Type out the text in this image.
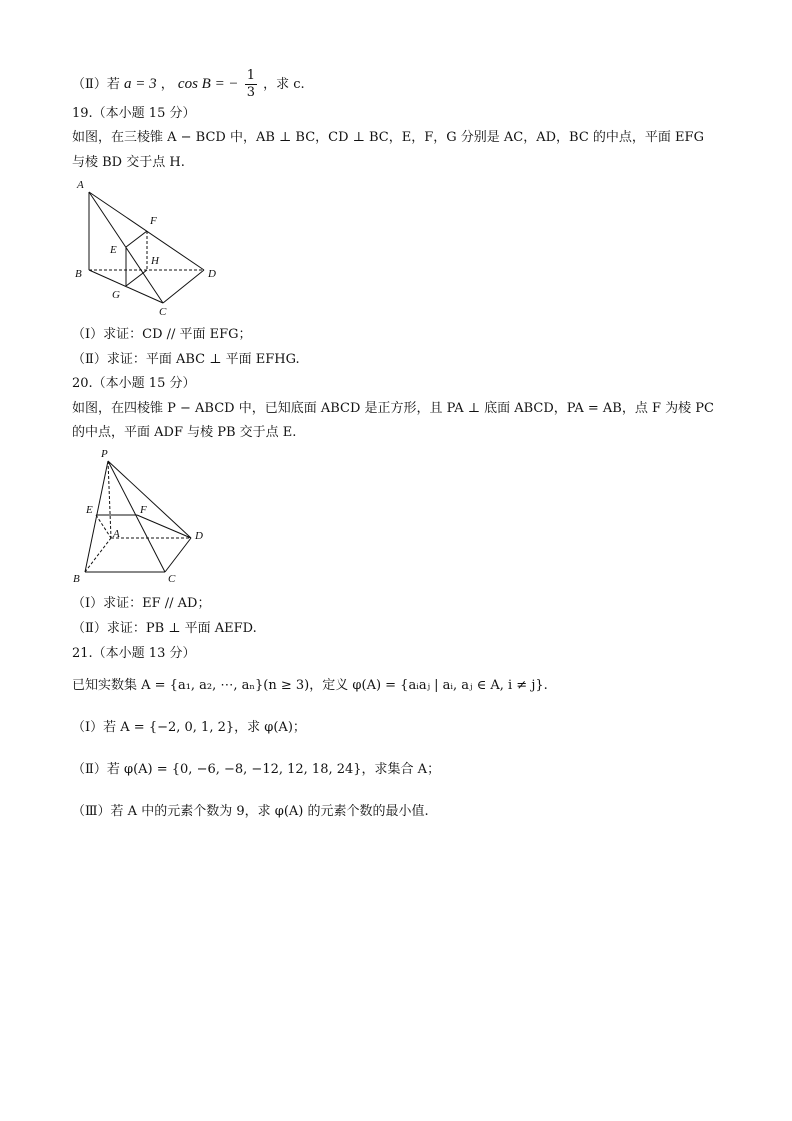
（Ⅱ）若 a = 3 ， cos B = − $\frac{1}{3}$ ，求 c.
19.（本小题 15 分）
如图，在三棱锥 A − BCD 中，AB ⊥ BC，CD ⊥ BC，E，F，G 分别是 AC，AD，BC 的中点，平面 EFG
与棱 BD 交于点 H.
A
B
C
D
E
F
G
H
（Ⅰ）求证：CD // 平面 EFG；
（Ⅱ）求证：平面 ABC ⊥ 平面 EFHG.
20.（本小题 15 分）
如图，在四棱锥 P − ABCD 中，已知底面 ABCD 是正方形，且 PA ⊥ 底面 ABCD，PA = AB，点 F 为棱 PC
的中点，平面 ADF 与棱 PB 交于点 E.
P
A
B	C
D
E	F
（Ⅰ）求证：EF // AD；
（Ⅱ）求证：PB ⊥ 平面 AEFD.
21.（本小题 13 分）
已知实数集 A = {a₁, a₂, ⋯, aₙ}(n ≥ 3)，定义 φ(A) = {aᵢaⱼ | aᵢ, aⱼ ∈ A, i ≠ j}.
（Ⅰ）若 A = {−2, 0, 1, 2}，求 φ(A)；
（Ⅱ）若 φ(A) = {0, −6, −8, −12, 12, 18, 24}，求集合 A；
（Ⅲ）若 A 中的元素个数为 9，求 φ(A) 的元素个数的最小值.
